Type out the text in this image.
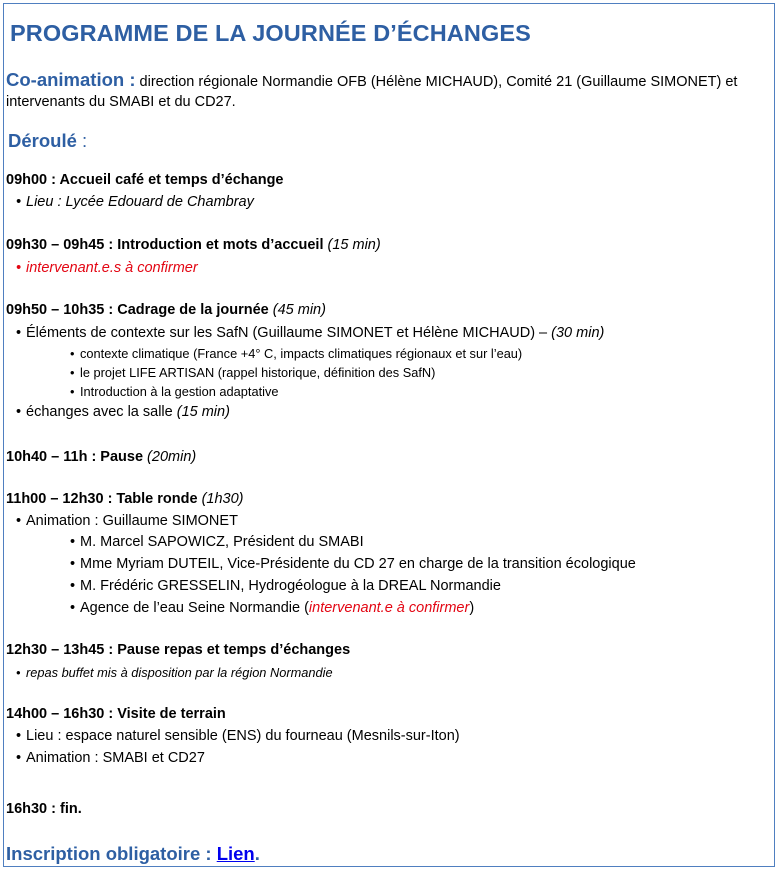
PROGRAMME DE LA JOURNÉE D’ÉCHANGES
Co-animation : direction régionale Normandie OFB (Hélène MICHAUD), Comité 21 (Guillaume SIMONET) et intervenants du SMABI et du CD27.
Déroulé :
09h00 : Accueil café et temps d’échange
• Lieu : Lycée Edouard de Chambray
09h30 – 09h45 : Introduction et mots d’accueil (15 min)
• intervenant.e.s à confirmer
09h50 – 10h35 : Cadrage de la journée (45 min)
• Éléments de contexte sur les SafN (Guillaume SIMONET et Hélène MICHAUD) – (30 min)
• contexte climatique (France +4° C, impacts climatiques régionaux et sur l’eau)
• le projet LIFE ARTISAN (rappel historique, définition des SafN)
• Introduction à la gestion adaptative
• échanges avec la salle (15 min)
10h40 – 11h : Pause (20min)
11h00 – 12h30 : Table ronde (1h30)
• Animation : Guillaume SIMONET
• M. Marcel SAPOWICZ, Président du SMABI
• Mme Myriam DUTEIL, Vice-Présidente du CD 27 en charge de la transition écologique
• M. Frédéric GRESSELIN, Hydrogéologue à la DREAL Normandie
• Agence de l’eau Seine Normandie (intervenant.e à confirmer)
12h30 – 13h45 : Pause repas et temps d’échanges
• repas buffet mis à disposition par la région Normandie
14h00 – 16h30 : Visite de terrain
• Lieu : espace naturel sensible (ENS) du fourneau (Mesnils-sur-Iton)
• Animation : SMABI et CD27
16h30 : fin.
Inscription obligatoire : Lien.
